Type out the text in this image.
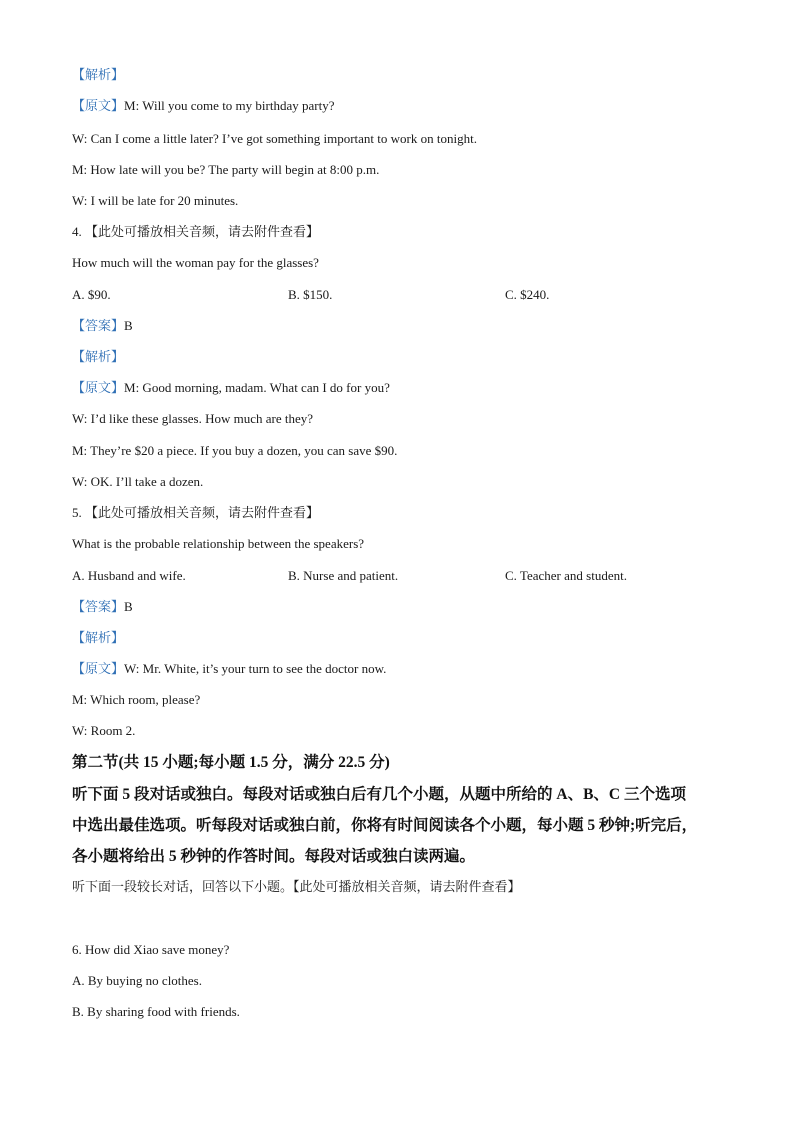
【解析】
【原文】M: Will you come to my birthday party?
W: Can I come a little later? I’ve got something important to work on tonight.
M: How late will you be? The party will begin at 8:00 p.m.
W: I will be late for 20 minutes.
4. 【此处可播放相关音频，请去附件查看】
How much will the woman pay for the glasses?
A. $90.	B. $150.	C. $240.
【答案】B
【解析】
【原文】M: Good morning, madam. What can I do for you?
W: I’d like these glasses. How much are they?
M: They’re $20 a piece. If you buy a dozen, you can save $90.
W: OK. I’ll take a dozen.
5. 【此处可播放相关音频，请去附件查看】
What is the probable relationship between the speakers?
A. Husband and wife.	B. Nurse and patient.	C. Teacher and student.
【答案】B
【解析】
【原文】W: Mr. White, it’s your turn to see the doctor now.
M: Which room, please?
W: Room 2.
第二节(共 15 小题;每小题 1.5 分，满分 22.5 分)
听下面 5 段对话或独白。每段对话或独白后有几个小题，从题中所给的 A、B、C 三个选项
中选出最佳选项。听每段对话或独白前，你将有时间阅读各个小题，每小题 5 秒钟;听完后，
各小题将给出 5 秒钟的作答时间。每段对话或独白读两遍。
听下面一段较长对话，回答以下小题。【此处可播放相关音频，请去附件查看】
6. How did Xiao save money?
A. By buying no clothes.
B. By sharing food with friends.
